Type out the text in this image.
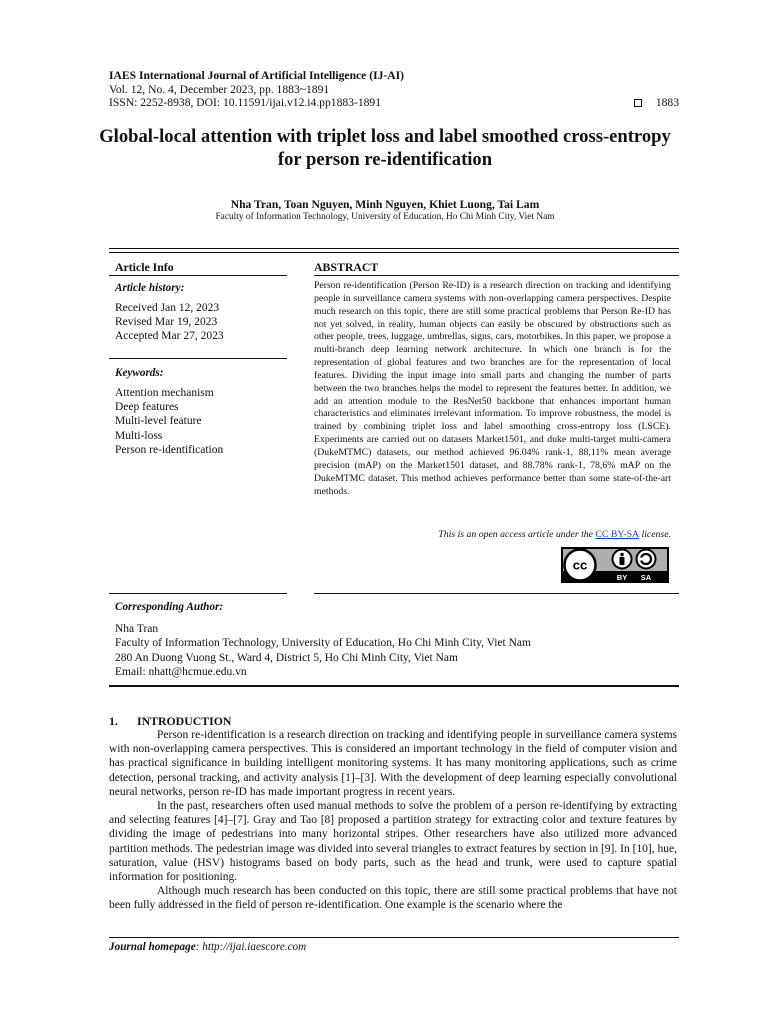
IAES International Journal of Artificial Intelligence (IJ-AI)
Vol. 12, No. 4, December 2023, pp. 1883~1891
ISSN: 2252-8938, DOI: 10.11591/ijai.v12.i4.pp1883-1891	1883
Global-local attention with triplet loss and label smoothed cross-entropy for person re-identification
Nha Tran, Toan Nguyen, Minh Nguyen, Khiet Luong, Tai Lam
Faculty of Information Technology, University of Education, Ho Chi Minh City, Viet Nam
Article Info
Article history:
Received Jan 12, 2023
Revised Mar 19, 2023
Accepted Mar 27, 2023
Keywords:
Attention mechanism
Deep features
Multi-level feature
Multi-loss
Person re-identification
ABSTRACT
Person re-identification (Person Re-ID) is a research direction on tracking and identifying people in surveillance camera systems with non-overlapping camera perspectives. Despite much research on this topic, there are still some practical problems that Person Re-ID has not yet solved, in reality, human objects can easily be obscured by obstructions such as other people, trees, luggage, umbrellas, signs, cars, motorbikes. In this paper, we propose a multi-branch deep learning network architecture. In which one branch is for the representation of global features and two branches are for the representation of local features. Dividing the input image into small parts and changing the number of parts between the two branches helps the model to represent the features better. In addition, we add an attention module to the ResNet50 backbone that enhances important human characteristics and eliminates irrelevant information. To improve robustness, the model is trained by combining triplet loss and label smoothing cross-entropy loss (LSCE). Experiments are carried out on datasets Market1501, and duke multi-target multi-camera (DukeMTMC) datasets, our method achieved 96.04% rank-1, 88,11% mean average precision (mAP) on the Market1501 dataset, and 88.78% rank-1, 78,6% mAP on the DukeMTMC dataset. This method achieves performance better than some state-of-the-art methods.
This is an open access article under the CC BY-SA license.
cc
BY SA
Corresponding Author:
Nha Tran
Faculty of Information Technology, University of Education, Ho Chi Minh City, Viet Nam
280 An Duong Vuong St., Ward 4, District 5, Ho Chi Minh City, Viet Nam
Email: nhatt@hcmue.edu.vn
1. INTRODUCTION

Person re-identification is a research direction on tracking and identifying people in surveillance camera systems with non-overlapping camera perspectives. This is considered an important technology in the field of computer vision and has practical significance in building intelligent monitoring systems. It has many monitoring applications, such as crime detection, personal tracking, and activity analysis [1]–[3]. With the development of deep learning especially convolutional neural networks, person re-ID has made important progress in recent years.

In the past, researchers often used manual methods to solve the problem of a person re-identifying by extracting and selecting features [4]–[7]. Gray and Tao [8] proposed a partition strategy for extracting color and texture features by dividing the image of pedestrians into many horizontal stripes. Other researchers have also utilized more advanced partition methods. The pedestrian image was divided into several triangles to extract features by section in [9]. In [10], hue, saturation, value (HSV) histograms based on body parts, such as the head and trunk, were used to capture spatial information for positioning.

Although much research has been conducted on this topic, there are still some practical problems that have not been fully addressed in the field of person re-identification. One example is the scenario where the

Journal homepage: http://ijai.iaescore.com
